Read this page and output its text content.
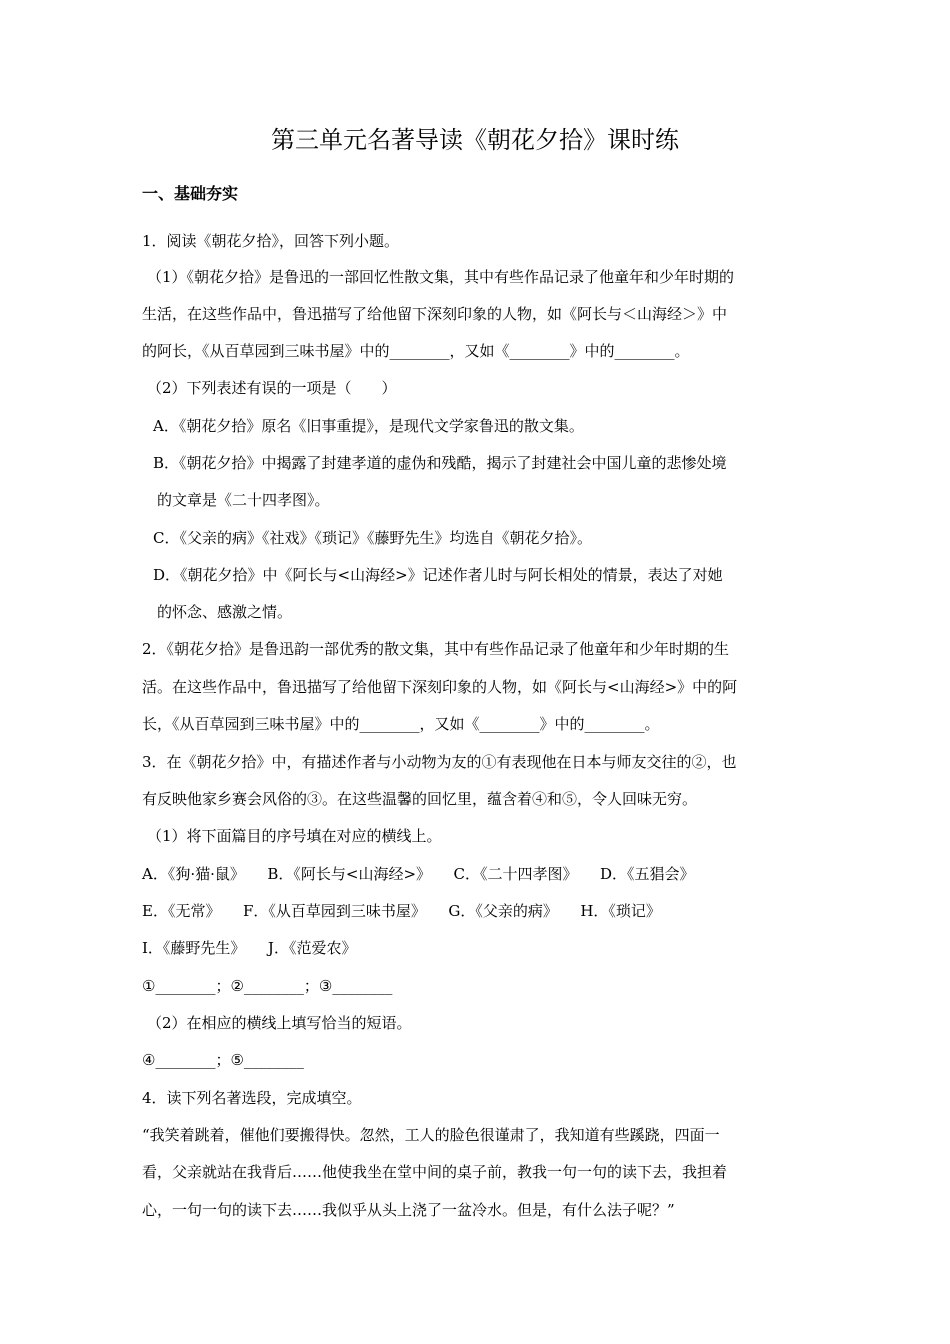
第三单元名著导读《朝花夕拾》课时练
一、基础夯实
1．阅读《朝花夕拾》，回答下列小题。
（1）《朝花夕拾》是鲁迅的一部回忆性散文集，其中有些作品记录了他童年和少年时期的
生活，在这些作品中，鲁迅描写了给他留下深刻印象的人物，如《阿长与＜山海经＞》中
的阿长，《从百草园到三味书屋》中的________，又如《________》中的________。
（2）下列表述有误的一项是（　　）
A．《朝花夕拾》原名《旧事重提》，是现代文学家鲁迅的散文集。
B．《朝花夕拾》中揭露了封建孝道的虚伪和残酷，揭示了封建社会中国儿童的悲惨处境
的文章是《二十四孝图》。
C．《父亲的病》《社戏》《琐记》《藤野先生》均选自《朝花夕拾》。
D．《朝花夕拾》中《阿长与<山海经>》记述作者儿时与阿长相处的情景，表达了对她
的怀念、感激之情。
2．《朝花夕拾》是鲁迅韵一部优秀的散文集，其中有些作品记录了他童年和少年时期的生
活。在这些作品中，鲁迅描写了给他留下深刻印象的人物，如《阿长与<山海经>》中的阿
长，《从百草园到三味书屋》中的________，又如《________》中的________。
3．在《朝花夕拾》中，有描述作者与小动物为友的①有表现他在日本与师友交往的②，也
有反映他家乡赛会风俗的③。在这些温馨的回忆里，蕴含着④和⑤，令人回味无穷。
（1）将下面篇目的序号填在对应的横线上。
A．《狗·猫·鼠》　　B．《阿长与<山海经>》　　C．《二十四孝图》　　D．《五猖会》
E．《无常》　　F．《从百草园到三味书屋》　　G．《父亲的病》　　H．《琐记》
I．《藤野先生》　　J．《范爱农》
①________；②________；③________
（2）在相应的横线上填写恰当的短语。
④________；⑤________
4．读下列名著选段，完成填空。
“我笑着跳着，催他们要搬得快。忽然，工人的脸色很谨肃了，我知道有些蹊跷，四面一
看，父亲就站在我背后……他使我坐在堂中间的桌子前，教我一句一句的读下去，我担着
心，一句一句的读下去……我似乎从头上浇了一盆冷水。但是，有什么法子呢？”
